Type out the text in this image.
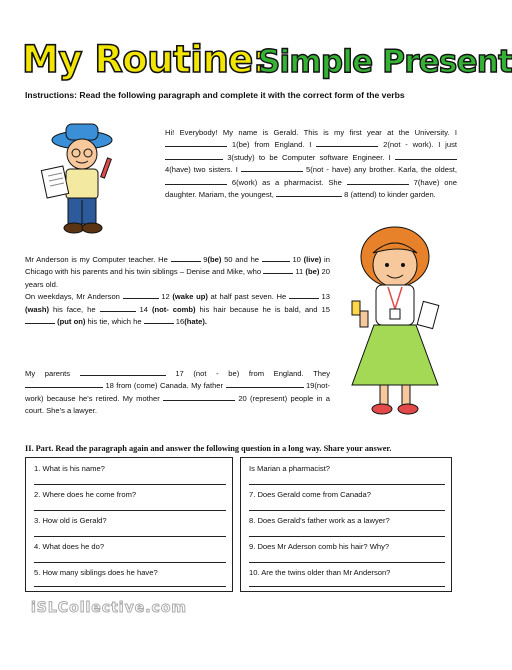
My Routine:
Simple Present
Instructions: Read the following paragraph and complete it with the correct form of the verbs
Hi! Everybody! My name is Gerald. This is my first year at the University. I  1(be) from England. I	2(not - work). I just  3(study) to be Computer software Engineer. I  4(have) two sisters. I	5(not - have) any brother. Karla, the oldest,  6(work) as a pharmacist. She	7(have) one daughter. Mariam, the youngest,	8 (attend) to kinder garden.
Mr Anderson is my Computer teacher. He	9(be) 50 and he	10 (live) in Chicago with his parents and his twin siblings – Denise and Mike, who	11 (be) 20 years old.
On weekdays, Mr Anderson	12 (wake up) at half past seven. He	13 (wash) his face, he	14 (not- comb) his hair because he is bald, and 15 (put on) his tie, which he	16(hate).
My parents	17 (not - be) from England. They  18 from (come) Canada. My father	19(not-work) because he's retired. My mother	20 (represent) people in a court. She's a lawyer.
II. Part. Read the paragraph again and answer the following question in a long way. Share your answer.
1. What is his name?
2. Where does he come from?
3. How old is Gerald?
4. What does he do?
5. How many siblings does he have?
Is Marian a pharmacist?
7. Does Gerald come from Canada?
8. Does Gerald's father work as a lawyer?
9. Does Mr Aderson comb his hair? Why?
10. Are the twins older than Mr Anderson?
iSLCollective.com
